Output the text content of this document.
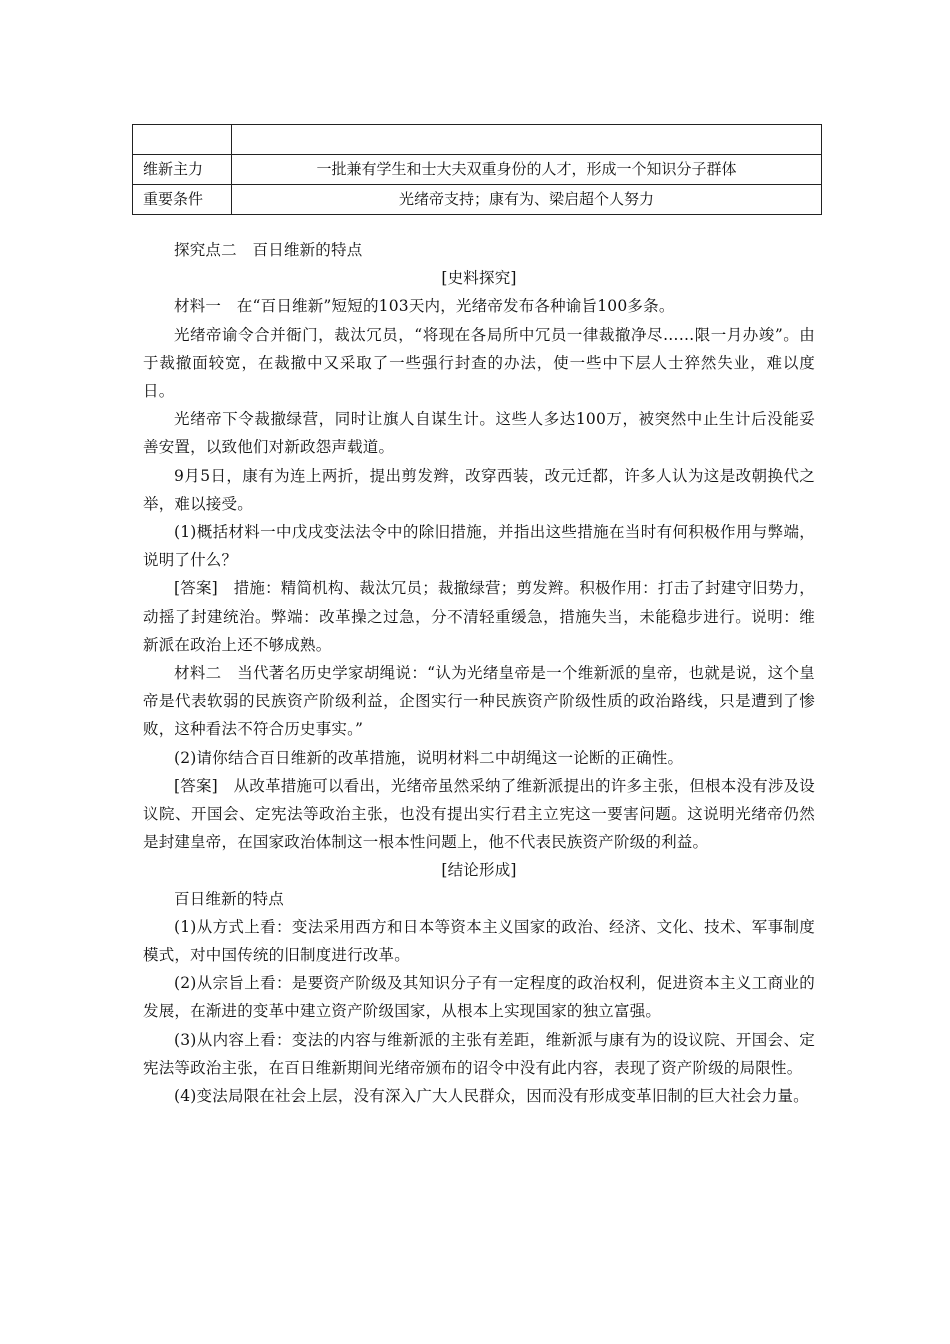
维新主力	一批兼有学生和士大夫双重身份的人才，形成一个知识分子群体
重要条件	光绪帝支持；康有为、梁启超个人努力

探究点二　百日维新的特点

[史料探究]

材料一　在“百日维新”短短的103天内，光绪帝发布各种谕旨100多条。

光绪帝谕令合并衙门，裁汰冗员，“将现在各局所中冗员一律裁撤净尽……限一月办竣”。由于裁撤面较宽，在裁撤中又采取了一些强行封查的办法，使一些中下层人士猝然失业，难以度日。

光绪帝下令裁撤绿营，同时让旗人自谋生计。这些人多达100万，被突然中止生计后没能妥善安置，以致他们对新政怨声载道。

9月5日，康有为连上两折，提出剪发辫，改穿西装，改元迁都，许多人认为这是改朝换代之举，难以接受。

(1)概括材料一中戊戌变法法令中的除旧措施，并指出这些措施在当时有何积极作用与弊端，说明了什么？

[答案]　措施：精简机构、裁汰冗员；裁撤绿营；剪发辫。积极作用：打击了封建守旧势力，动摇了封建统治。弊端：改革操之过急，分不清轻重缓急，措施失当，未能稳步进行。说明：维新派在政治上还不够成熟。

材料二　当代著名历史学家胡绳说：“认为光绪皇帝是一个维新派的皇帝，也就是说，这个皇帝是代表软弱的民族资产阶级利益，企图实行一种民族资产阶级性质的政治路线，只是遭到了惨败，这种看法不符合历史事实。”

(2)请你结合百日维新的改革措施，说明材料二中胡绳这一论断的正确性。

[答案]　从改革措施可以看出，光绪帝虽然采纳了维新派提出的许多主张，但根本没有涉及设议院、开国会、定宪法等政治主张，也没有提出实行君主立宪这一要害问题。这说明光绪帝仍然是封建皇帝，在国家政治体制这一根本性问题上，他不代表民族资产阶级的利益。

[结论形成]

百日维新的特点

(1)从方式上看：变法采用西方和日本等资本主义国家的政治、经济、文化、技术、军事制度模式，对中国传统的旧制度进行改革。

(2)从宗旨上看：是要资产阶级及其知识分子有一定程度的政治权利，促进资本主义工商业的发展，在渐进的变革中建立资产阶级国家，从根本上实现国家的独立富强。

(3)从内容上看：变法的内容与维新派的主张有差距，维新派与康有为的设议院、开国会、定宪法等政治主张，在百日维新期间光绪帝颁布的诏令中没有此内容，表现了资产阶级的局限性。

(4)变法局限在社会上层，没有深入广大人民群众，因而没有形成变革旧制的巨大社会力量。
